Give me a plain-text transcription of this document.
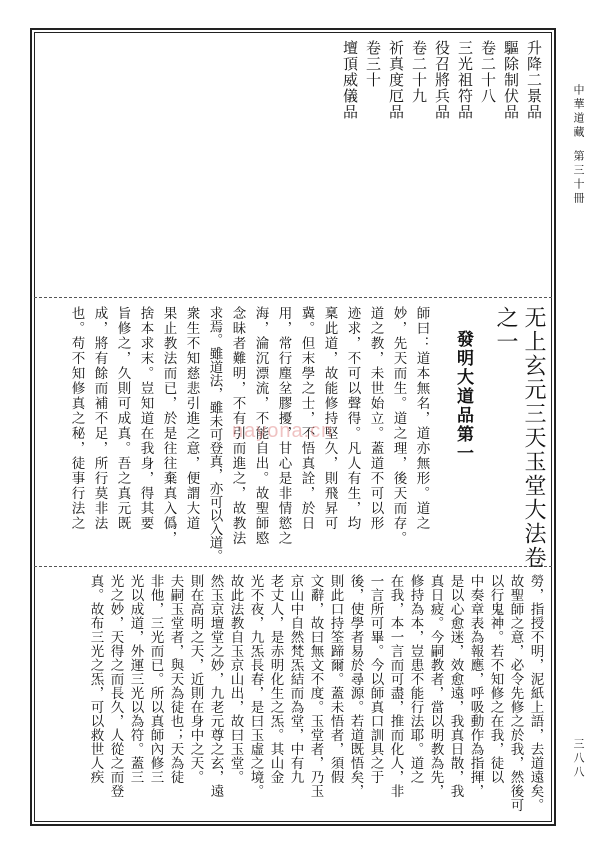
中華道藏
第三十冊
三八八
升降二景品
驅除制伏品
卷二十八
三光祖符品
役召將兵品
卷二十九
祈真度厄品
卷三十
壇頂威儀品
无上玄元三天玉堂大法卷
之一
發明大道品第一
師曰：道本無名，道亦無形。道之
妙，先天而生。道之理，後天而存。
道之教，未世始立。蓋道不可以形
迹求，不可以聲得。凡人有生，均
稟此道，故能修持堅久，則飛昇可
冀。但末學之士，不悟真詮，於日
用，常行塵坌膠擾，甘心是非情慾之
海，淪沉漂流，不能自出。故聖師愍
念昧者難明，不有引而進之，故教法
求焉。雖道法，雖未可登真，亦可以入道。
衆生不知慈悲引進之意，便謂大道
果止教法而已，於是往往棄真入僞，
捨本求末。豈知道在我身，得其要
旨修之，久則可成真。吾之真元既
成，將有餘而補不足，所行莫非法
也。苟不知修真之秘，徒事行法之
勞，指授不明，泥紙上語，去道遠矣。
故聖師之意，必令先修之於我，然後可
以行鬼神。若不知修之在我，徒以
中奏章表為報應，呼吸動作為指揮，
是以心愈迷，效愈遠，我真日散，我
真日疲。今嗣教者，當以明教為先，
修持為本，豈患不能行法耶。道之
在我，本一言而可盡，推而化人，非
一言所可畢。今以師真口訓具之于
後，使學者易於尋源。若道既悟矣，
則此口持筌蹄爾。蓋未悟者，須假
文辭，故曰無文不度。玉堂者，乃玉
京山中自然梵炁結而為堂，中有九
老丈人，是赤明化生之炁。其山金
光不夜，九炁長春，是曰玉虛之境。
故此法教自玉京山出，故曰玉堂。
然玉京壇堂之妙，九老元尊之玄，遠
則在高明之天，近則在身中之天。
夫嗣玉堂者，與天為徒也；天為徒
非他，三光而已。所以真師內修三
光以成道，外運三光以為符。蓋三
光之妙，天得之而長久，人從之而登
真。故布三光之炁，可以救世人疾
nayona.cn
